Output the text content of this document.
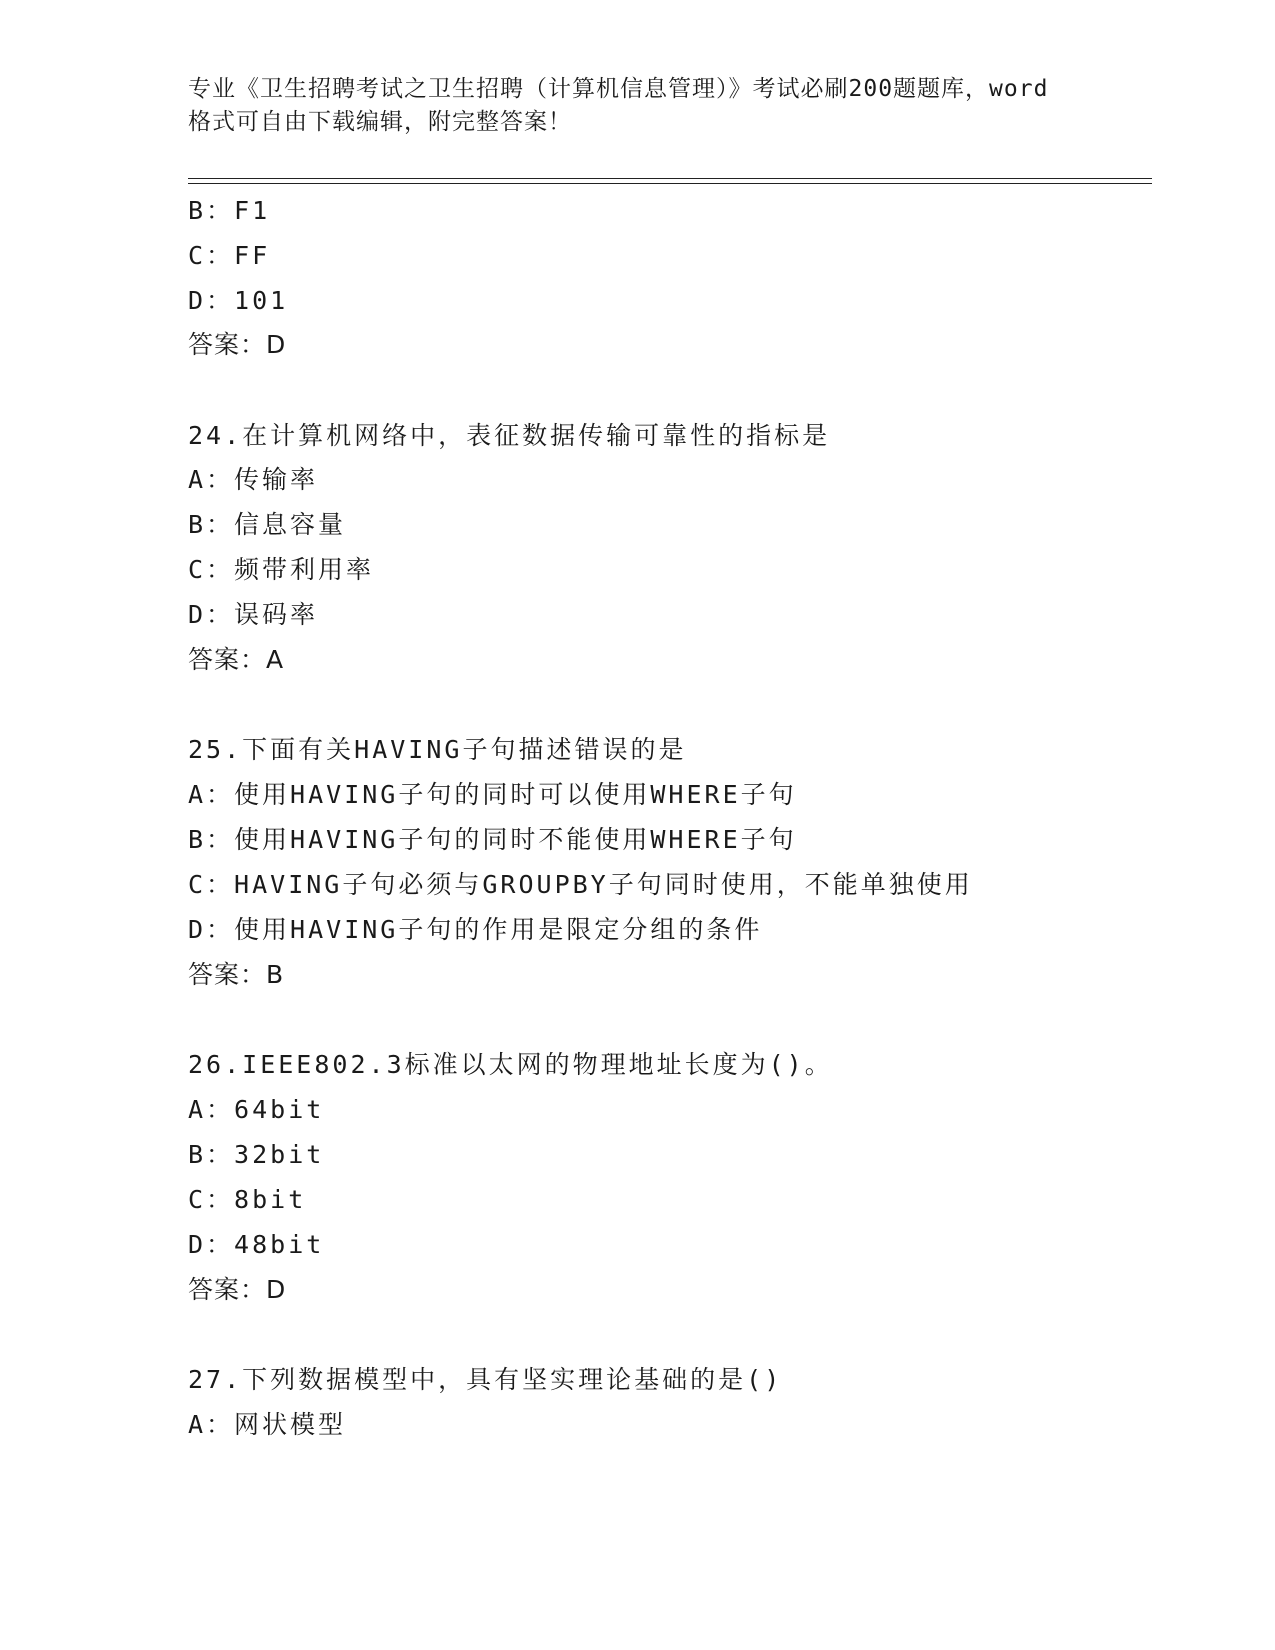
专业《卫生招聘考试之卫生招聘（计算机信息管理）》考试必刷200题题库，word
格式可自由下载编辑，附完整答案！
B：F1
C：FF
D：101
答案：D
24.在计算机网络中，表征数据传输可靠性的指标是
A：传输率
B：信息容量
C：频带利用率
D：误码率
答案：A
25.下面有关HAVING子句描述错误的是
A：使用HAVING子句的同时可以使用WHERE子句
B：使用HAVING子句的同时不能使用WHERE子句
C：HAVING子句必须与GROUPBY子句同时使用，不能单独使用
D：使用HAVING子句的作用是限定分组的条件
答案：B
26.IEEE802.3标准以太网的物理地址长度为()。
A：64bit
B：32bit
C：8bit
D：48bit
答案：D
27.下列数据模型中，具有坚实理论基础的是()
A：网状模型
